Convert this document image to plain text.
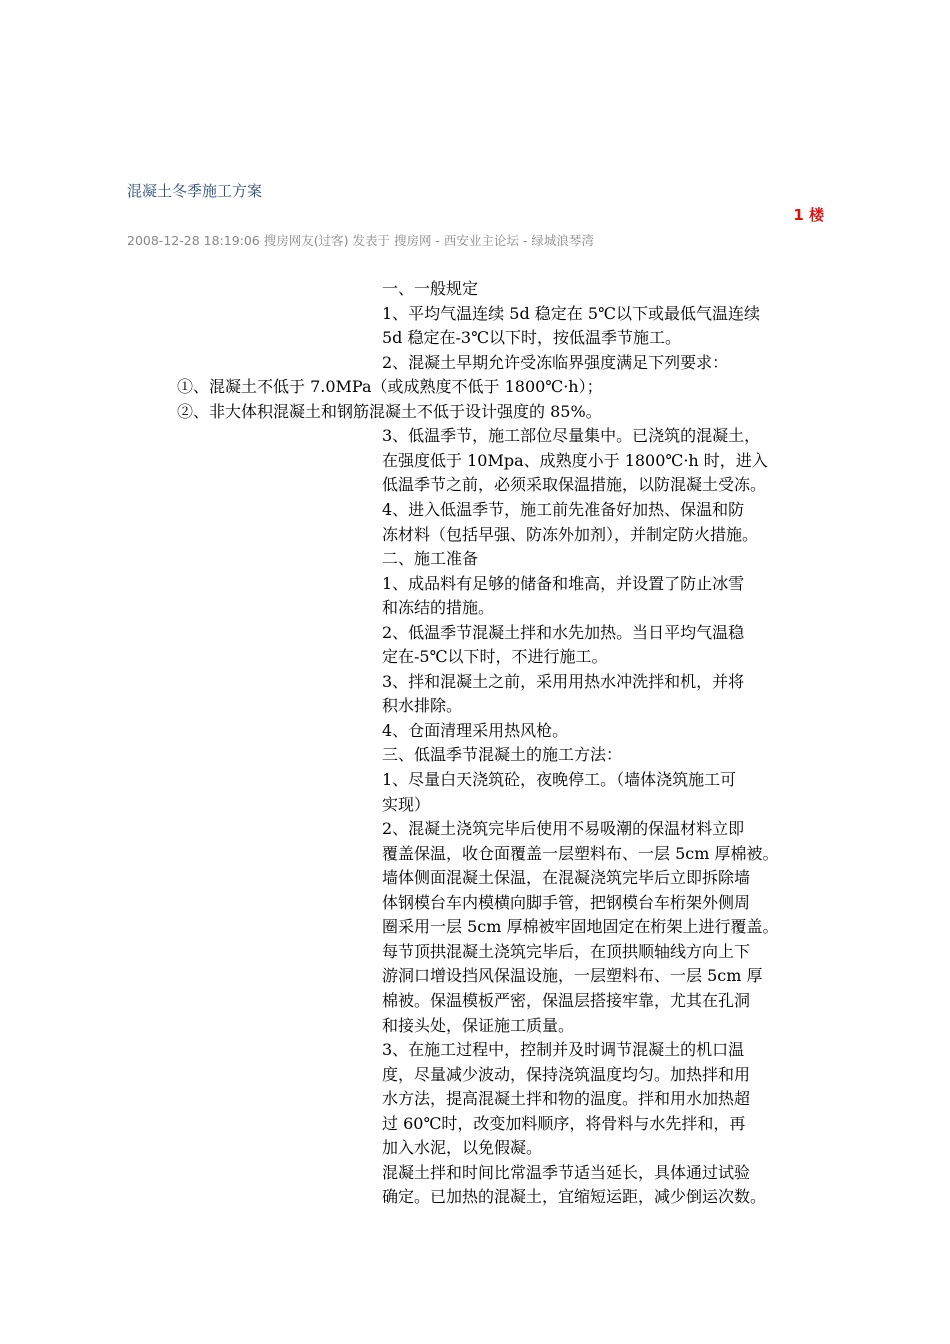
混凝土冬季施工方案
1 楼
2008-12-28 18:19:06 搜房网友(过客) 发表于 搜房网 - 西安业主论坛 - 绿城浪琴湾
一、一般规定
1、平均气温连续 5d 稳定在 5℃以下或最低气温连续
5d 稳定在-3℃以下时，按低温季节施工。
2、混凝土早期允许受冻临界强度满足下列要求：
①、混凝土不低于 7.0MPa（或成熟度不低于 1800℃·h）；
②、非大体积混凝土和钢筋混凝土不低于设计强度的 85%。
3、低温季节，施工部位尽量集中。已浇筑的混凝土，
在强度低于 10Mpa、成熟度小于 1800℃·h 时，进入
低温季节之前，必须采取保温措施，以防混凝土受冻。
4、进入低温季节，施工前先准备好加热、保温和防
冻材料（包括早强、防冻外加剂），并制定防火措施。
二、施工准备
1、成品料有足够的储备和堆高，并设置了防止冰雪
和冻结的措施。
2、低温季节混凝土拌和水先加热。当日平均气温稳
定在-5℃以下时，不进行施工。
3、拌和混凝土之前，采用用热水冲洗拌和机，并将
积水排除。
4、仓面清理采用热风枪。
三、低温季节混凝土的施工方法：
1、尽量白天浇筑砼，夜晚停工。（墙体浇筑施工可
实现）
2、混凝土浇筑完毕后使用不易吸潮的保温材料立即
覆盖保温，收仓面覆盖一层塑料布、一层 5cm 厚棉被。
墙体侧面混凝土保温，在混凝浇筑完毕后立即拆除墙
体钢模台车内模横向脚手管，把钢模台车桁架外侧周
圈采用一层 5cm 厚棉被牢固地固定在桁架上进行覆盖。
每节顶拱混凝土浇筑完毕后，在顶拱顺轴线方向上下
游洞口增设挡风保温设施，一层塑料布、一层 5cm 厚
棉被。保温模板严密，保温层搭接牢靠，尤其在孔洞
和接头处，保证施工质量。
3、在施工过程中，控制并及时调节混凝土的机口温
度，尽量减少波动，保持浇筑温度均匀。加热拌和用
水方法，提高混凝土拌和物的温度。拌和用水加热超
过 60℃时，改变加料顺序，将骨料与水先拌和，再
加入水泥，以免假凝。
混凝土拌和时间比常温季节适当延长，具体通过试验
确定。已加热的混凝土，宜缩短运距，减少倒运次数。
